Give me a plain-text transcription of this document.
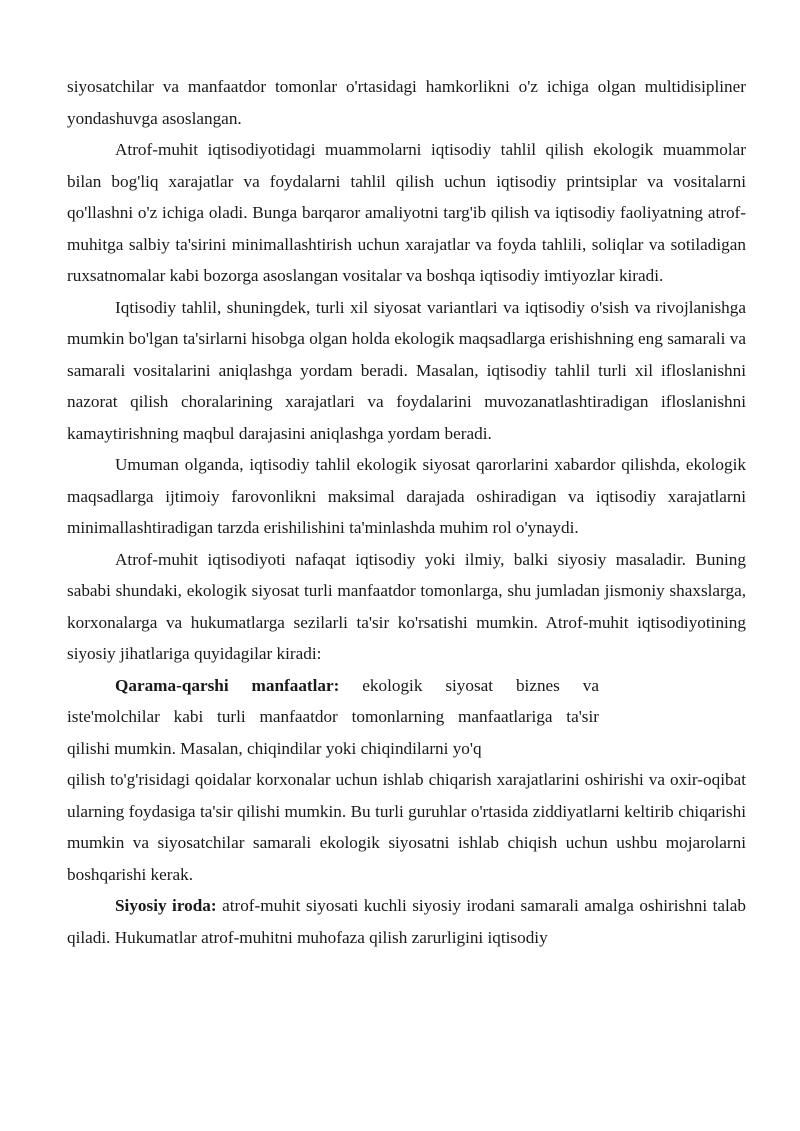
siyosatchilar va manfaatdor tomonlar o'rtasidagi hamkorlikni o'z ichiga olgan multidisipliner yondashuvga asoslangan.

Atrof-muhit iqtisodiyotidagi muammolarni iqtisodiy tahlil qilish ekologik muammolar bilan bog'liq xarajatlar va foydalarni tahlil qilish uchun iqtisodiy printsiplar va vositalarni qo'llashni o'z ichiga oladi. Bunga barqaror amaliyotni targ'ib qilish va iqtisodiy faoliyatning atrof-muhitga salbiy ta'sirini minimallashtirish uchun xarajatlar va foyda tahlili, soliqlar va sotiladigan ruxsatnomalar kabi bozorga asoslangan vositalar va boshqa iqtisodiy imtiyozlar kiradi.

Iqtisodiy tahlil, shuningdek, turli xil siyosat variantlari va iqtisodiy o'sish va rivojlanishga mumkin bo'lgan ta'sirlarni hisobga olgan holda ekologik maqsadlarga erishishning eng samarali va samarali vositalarini aniqlashga yordam beradi. Masalan, iqtisodiy tahlil turli xil ifloslanishni nazorat qilish choralarining xarajatlari va foydalarini muvozanatlashtiradigan ifloslanishni kamaytirishning maqbul darajasini aniqlashga yordam beradi.

Umuman olganda, iqtisodiy tahlil ekologik siyosat qarorlarini xabardor qilishda, ekologik maqsadlarga ijtimoiy farovonlikni maksimal darajada oshiradigan va iqtisodiy xarajatlarni minimallashtiradigan tarzda erishilishini ta'minlashda muhim rol o'ynaydi.

Atrof-muhit iqtisodiyoti nafaqat iqtisodiy yoki ilmiy, balki siyosiy masaladir. Buning sababi shundaki, ekologik siyosat turli manfaatdor tomonlarga, shu jumladan jismoniy shaxslarga, korxonalarga va hukumatlarga sezilarli ta'sir ko'rsatishi mumkin. Atrof-muhit iqtisodiyotining siyosiy jihatlariga quyidagilar kiradi:

Qarama-qarshi manfaatlar: ekologik siyosat biznes va
iste'molchilar kabi turli manfaatdor tomonlarning manfaatlariga ta'sir
qilishi mumkin. Masalan, chiqindilar yoki chiqindilarni yo'q

qilish to'g'risidagi qoidalar korxonalar uchun ishlab chiqarish xarajatlarini oshirishi va oxir-oqibat ularning foydasiga ta'sir qilishi mumkin. Bu turli guruhlar o'rtasida ziddiyatlarni keltirib chiqarishi mumkin va siyosatchilar samarali ekologik siyosatni ishlab chiqish uchun ushbu mojarolarni boshqarishi kerak.

Siyosiy iroda: atrof-muhit siyosati kuchli siyosiy irodani samarali amalga oshirishni talab qiladi. Hukumatlar atrof-muhitni muhofaza qilish zarurligini iqtisodiy
